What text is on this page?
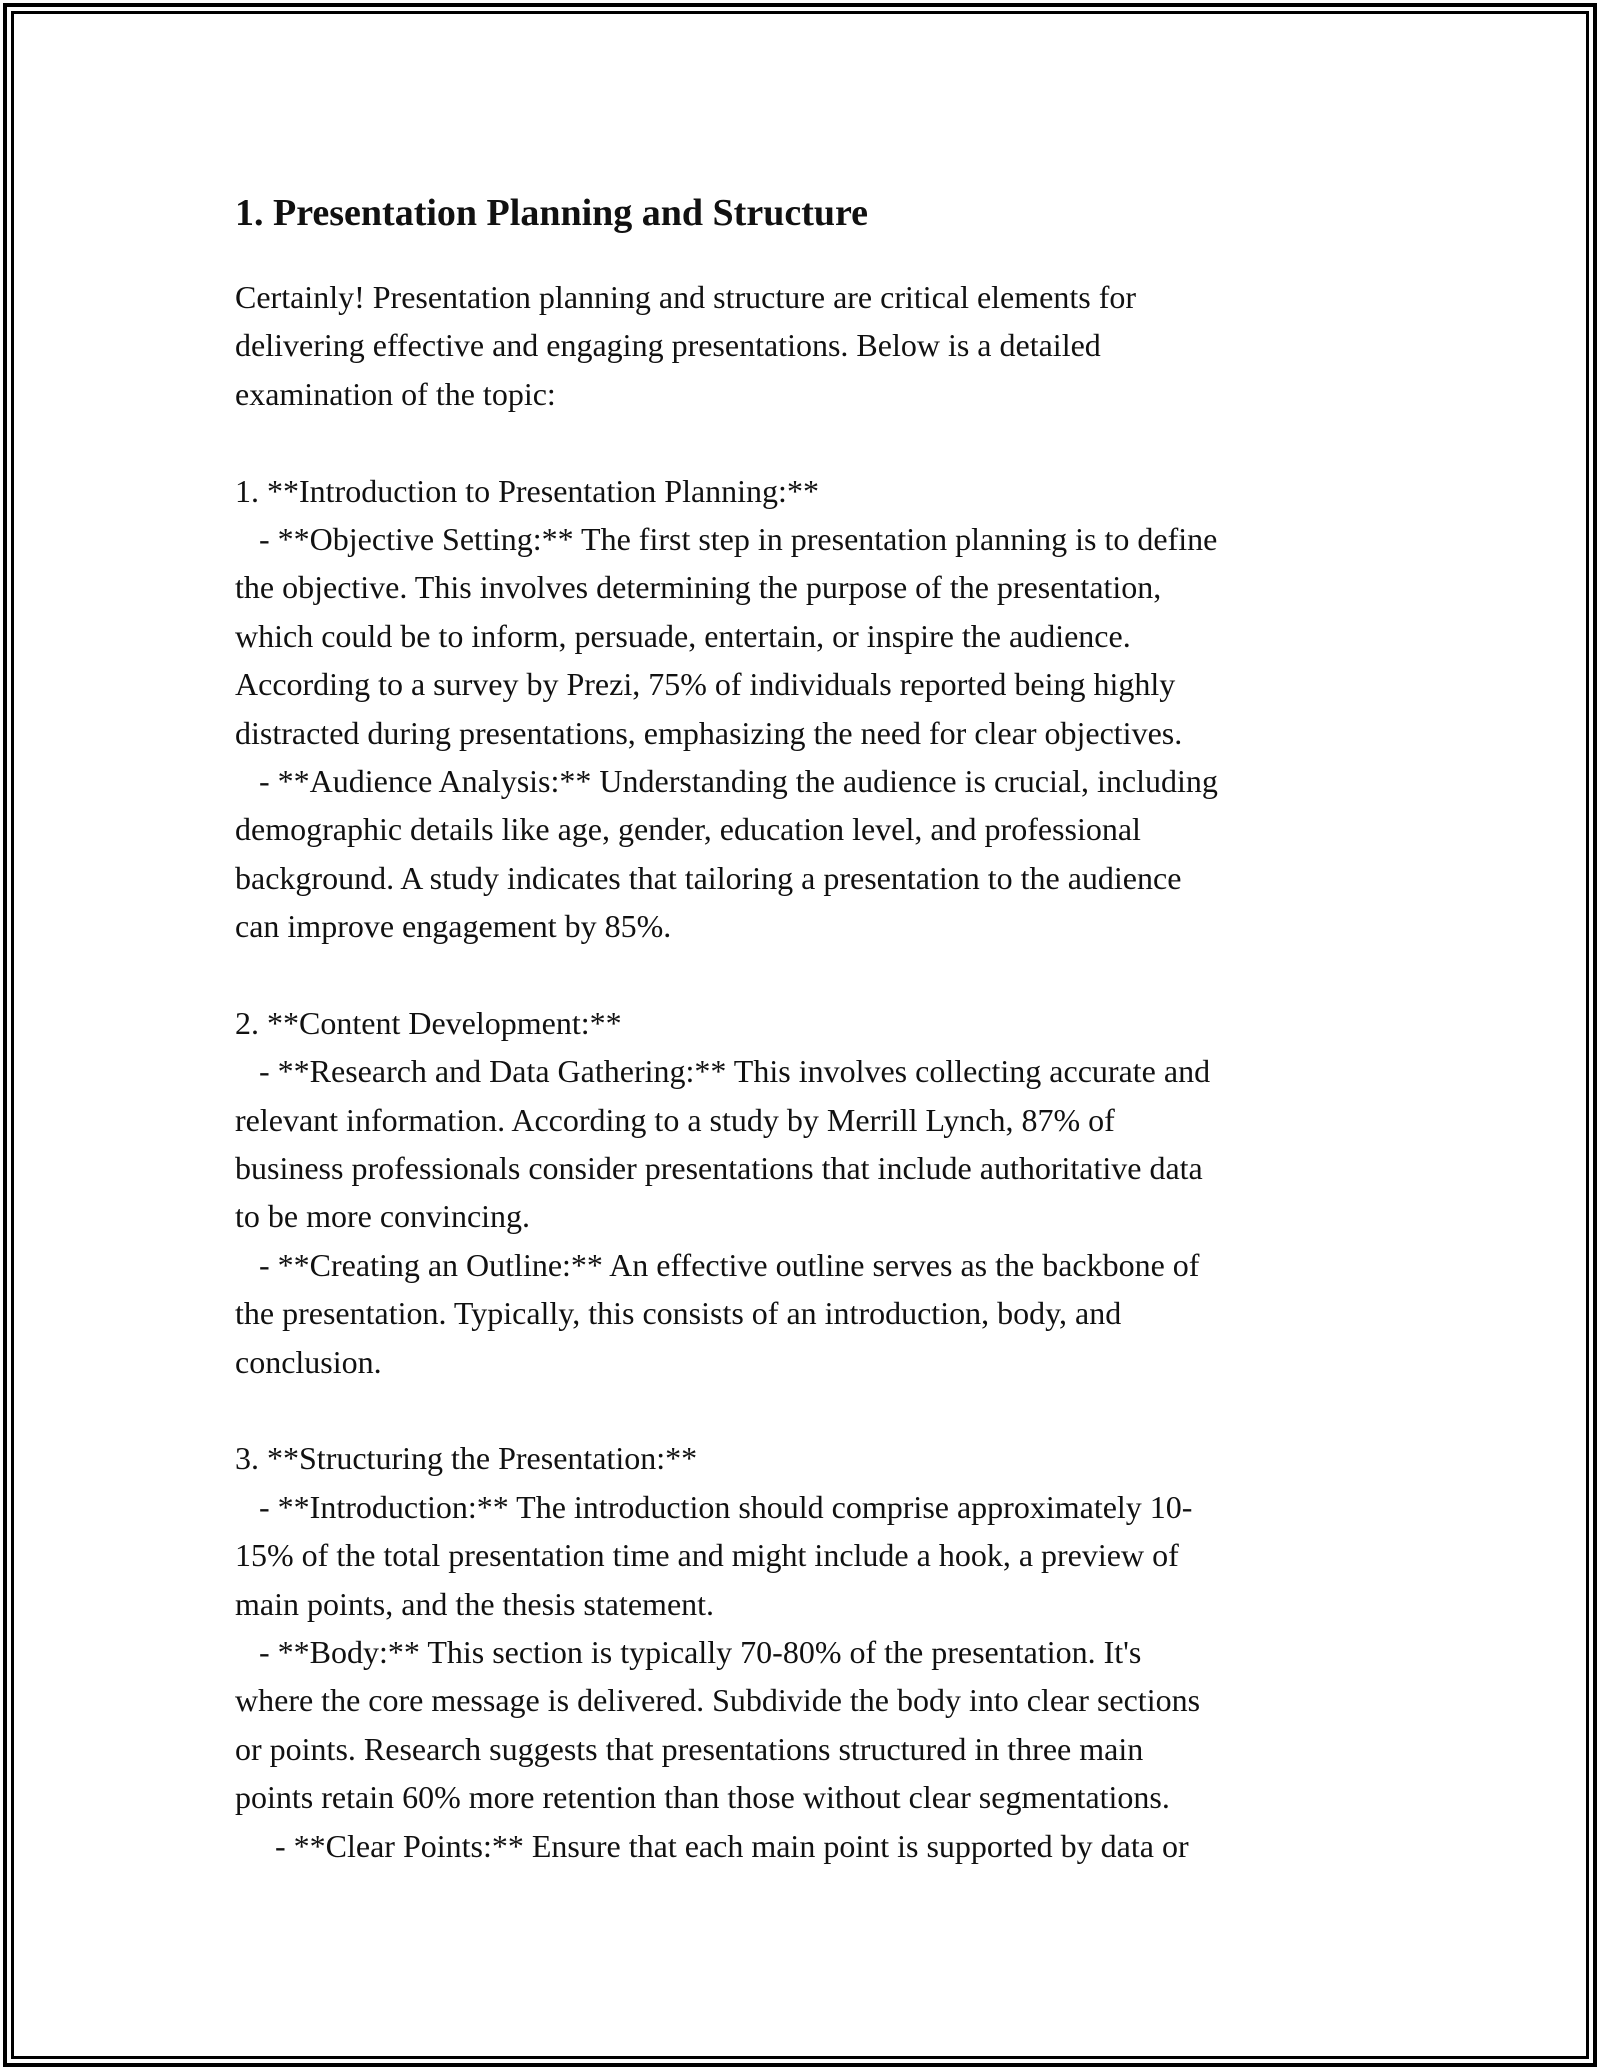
1. Presentation Planning and Structure
Certainly! Presentation planning and structure are critical elements for
delivering effective and engaging presentations. Below is a detailed
examination of the topic:
1. **Introduction to Presentation Planning:**
- **Objective Setting:** The first step in presentation planning is to define
the objective. This involves determining the purpose of the presentation,
which could be to inform, persuade, entertain, or inspire the audience.
According to a survey by Prezi, 75% of individuals reported being highly
distracted during presentations, emphasizing the need for clear objectives.
- **Audience Analysis:** Understanding the audience is crucial, including
demographic details like age, gender, education level, and professional
background. A study indicates that tailoring a presentation to the audience
can improve engagement by 85%.
2. **Content Development:**
- **Research and Data Gathering:** This involves collecting accurate and
relevant information. According to a study by Merrill Lynch, 87% of
business professionals consider presentations that include authoritative data
to be more convincing.
- **Creating an Outline:** An effective outline serves as the backbone of
the presentation. Typically, this consists of an introduction, body, and
conclusion.
3. **Structuring the Presentation:**
- **Introduction:** The introduction should comprise approximately 10-
15% of the total presentation time and might include a hook, a preview of
main points, and the thesis statement.
- **Body:** This section is typically 70-80% of the presentation. It's
where the core message is delivered. Subdivide the body into clear sections
or points. Research suggests that presentations structured in three main
points retain 60% more retention than those without clear segmentations.
- **Clear Points:** Ensure that each main point is supported by data or
